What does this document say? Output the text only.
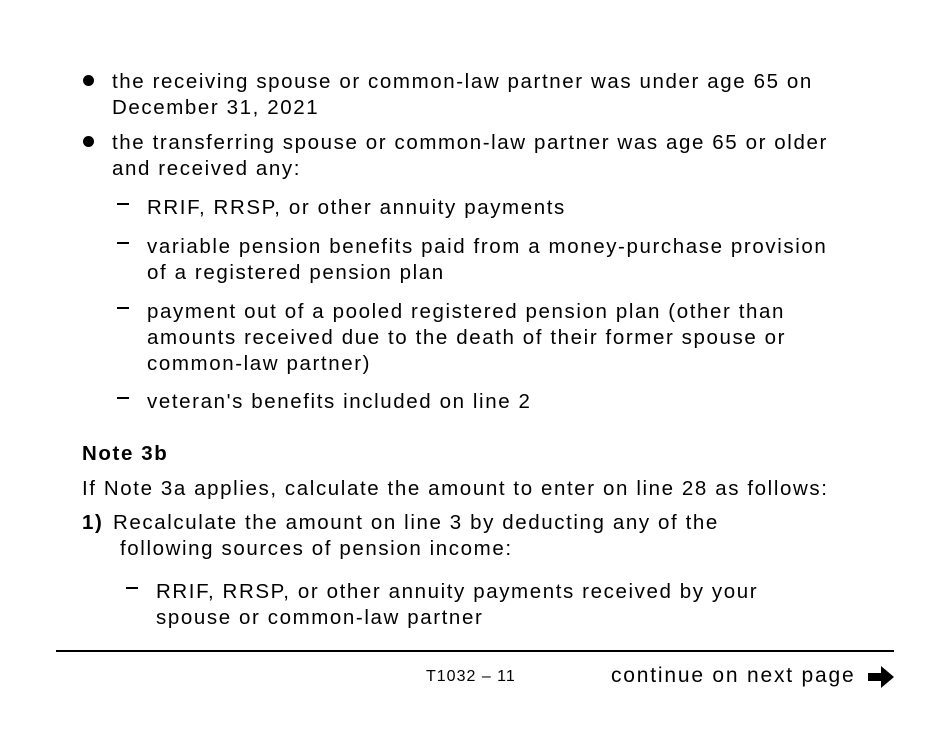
the receiving spouse or common-law partner was under age 65 on
December 31, 2021
the transferring spouse or common-law partner was age 65 or older
and received any:
RRIF, RRSP, or other annuity payments
variable pension benefits paid from a money-purchase provision
of a registered pension plan
payment out of a pooled registered pension plan (other than
amounts received due to the death of their former spouse or
common-law partner)
veteran's benefits included on line 2
Note 3b
If Note 3a applies, calculate the amount to enter on line 28 as follows:
1) Recalculate the amount on line 3 by deducting any of the
following sources of pension income:
RRIF, RRSP, or other annuity payments received by your
spouse or common-law partner
T1032 – 11	continue on next page
